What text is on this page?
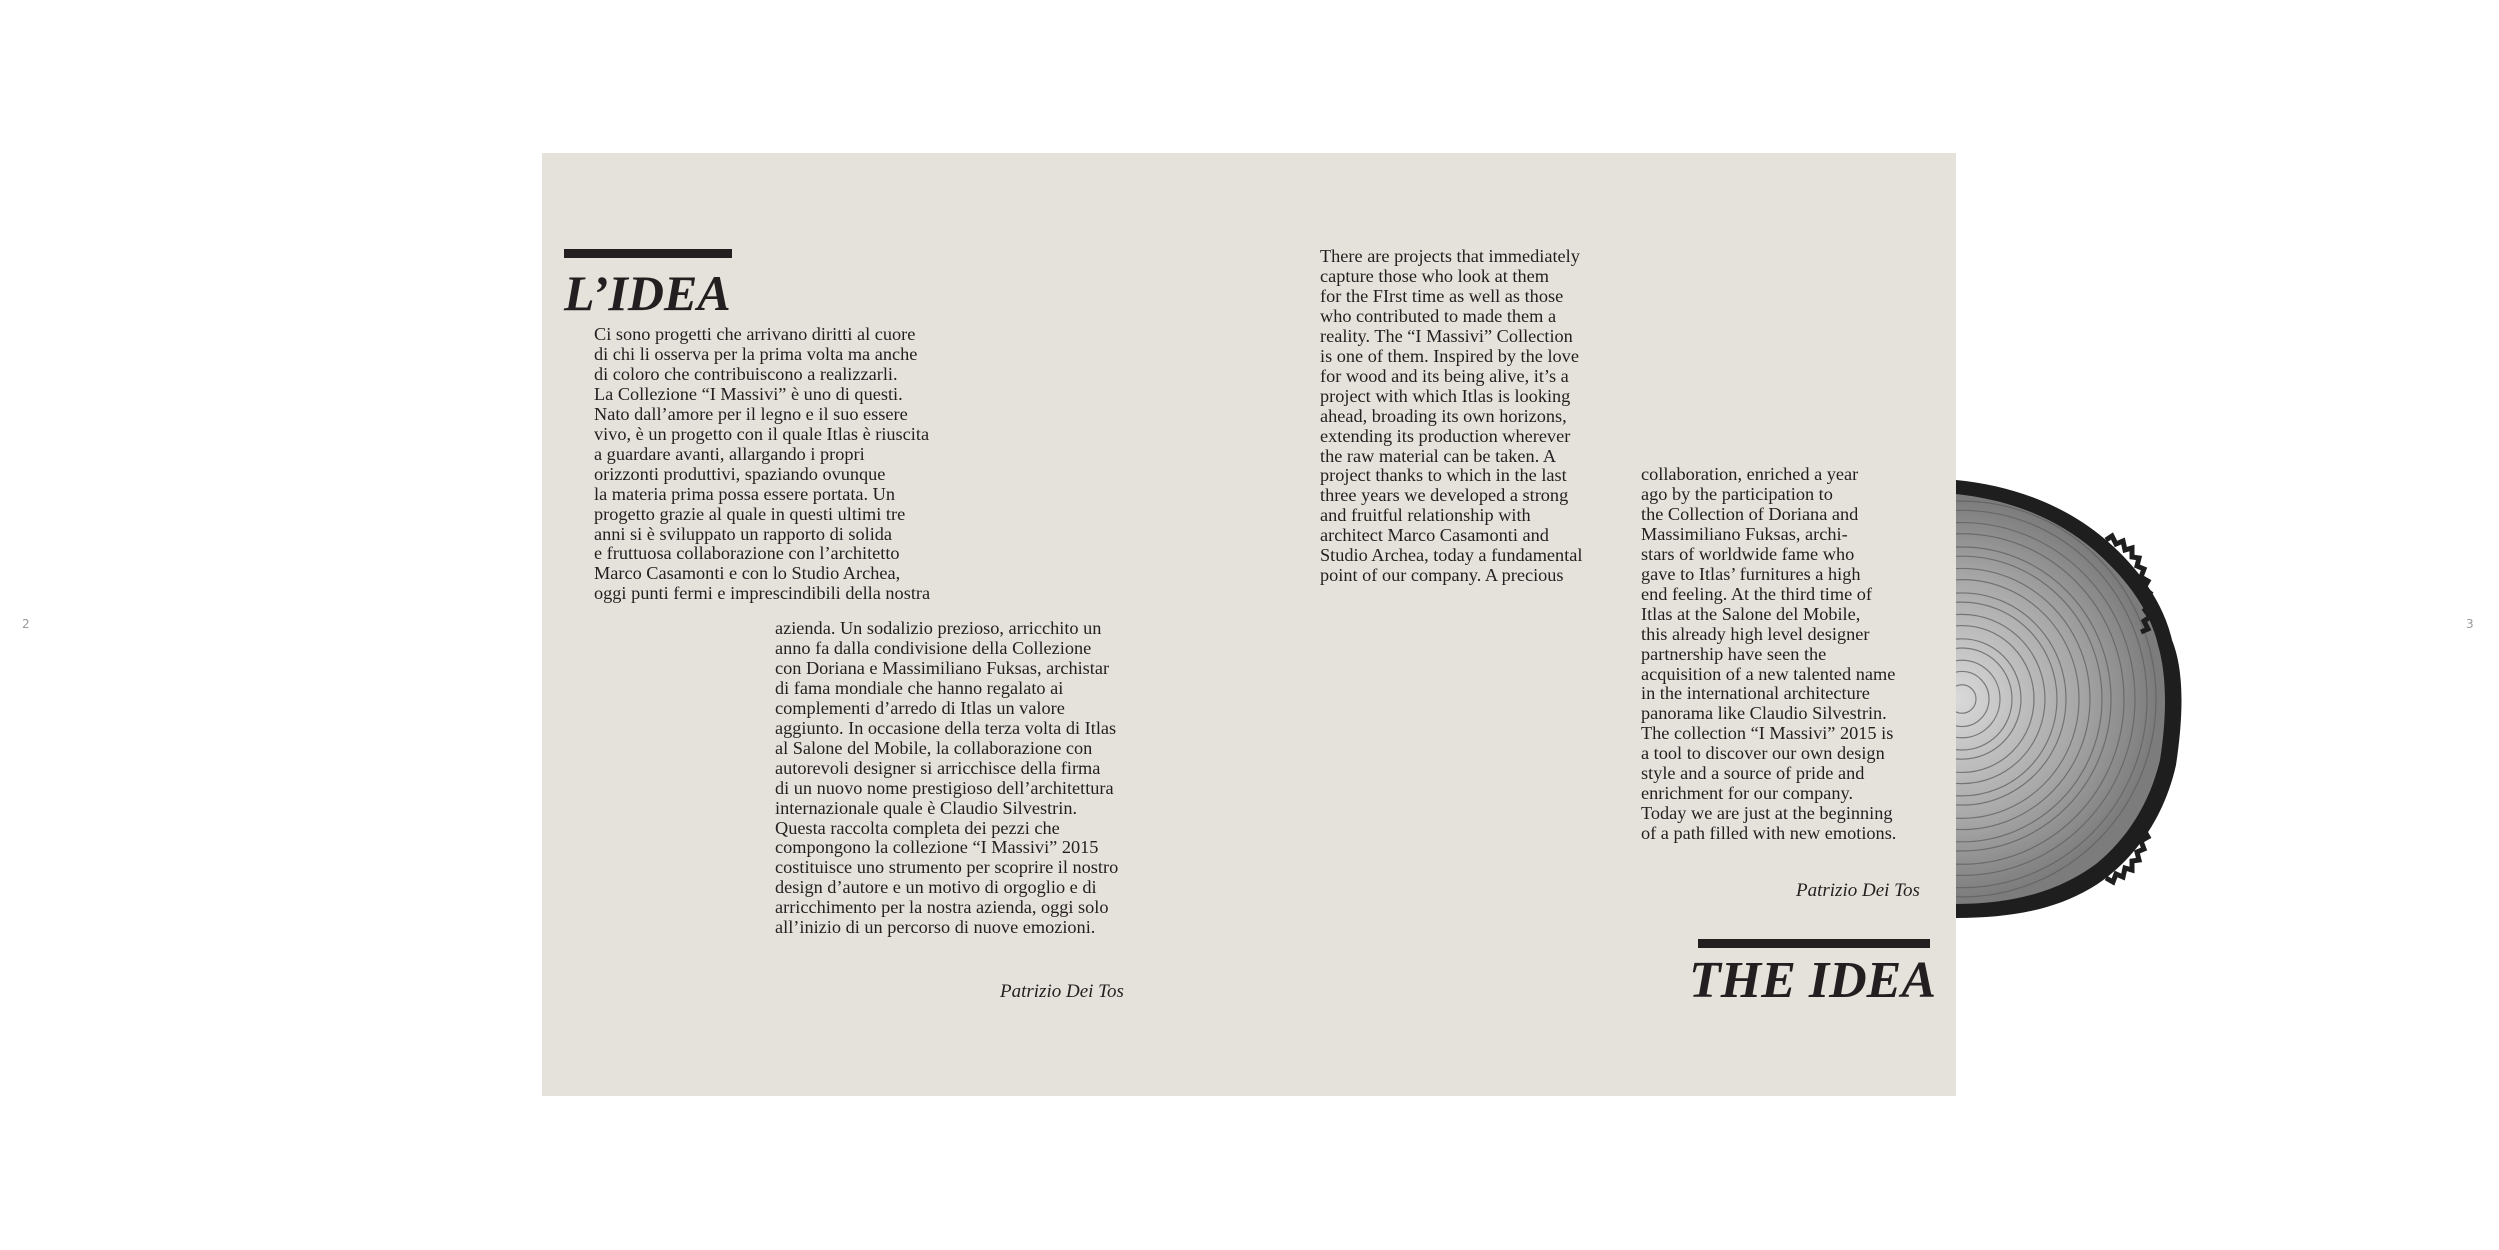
2	3
L’IDEA
Ci sono progetti che arrivano diritti al cuore
di chi li osserva per la prima volta ma anche
di coloro che contribuiscono a realizzarli.
La Collezione “I Massivi” è uno di questi.
Nato dall’amore per il legno e il suo essere
vivo, è un progetto con il quale Itlas è riuscita
a guardare avanti, allargando i propri
orizzonti produttivi, spaziando ovunque
la materia prima possa essere portata. Un
progetto grazie al quale in questi ultimi tre
anni si è sviluppato un rapporto di solida
e fruttuosa collaborazione con l’architetto
Marco Casamonti e con lo Studio Archea,
oggi punti fermi e imprescindibili della nostra
azienda. Un sodalizio prezioso, arricchito un
anno fa dalla condivisione della Collezione
con Doriana e Massimiliano Fuksas, archistar
di fama mondiale che hanno regalato ai
complementi d’arredo di Itlas un valore
aggiunto. In occasione della terza volta di Itlas
al Salone del Mobile, la collaborazione con
autorevoli designer si arricchisce della firma
di un nuovo nome prestigioso dell’architettura
internazionale quale è Claudio Silvestrin.
Questa raccolta completa dei pezzi che
compongono la collezione “I Massivi” 2015
costituisce uno strumento per scoprire il nostro
design d’autore e un motivo di orgoglio e di
arricchimento per la nostra azienda, oggi solo
all’inizio di un percorso di nuove emozioni.
Patrizio Dei Tos
There are projects that immediately
capture those who look at them
for the FIrst time as well as those
who contributed to made them a
reality. The “I Massivi” Collection
is one of them. Inspired by the love
for wood and its being alive, it’s a
project with which Itlas is looking
ahead, broading its own horizons,
extending its production wherever
the raw material can be taken. A
project thanks to which in the last
three years we developed a strong
and fruitful relationship with
architect Marco Casamonti and
Studio Archea, today a fundamental
point of our company. A precious
collaboration, enriched a year
ago by the participation to
the Collection of Doriana and
Massimiliano Fuksas, archi-
stars of worldwide fame who
gave to Itlas’ furnitures a high
end feeling. At the third time of
Itlas at the Salone del Mobile,
this already high level designer
partnership have seen the
acquisition of a new talented name
in the international architecture
panorama like Claudio Silvestrin.
The collection “I Massivi” 2015 is
a tool to discover our own design
style and a source of pride and
enrichment for our company.
Today we are just at the beginning
of a path filled with new emotions.
Patrizio Dei Tos
THE IDEA
